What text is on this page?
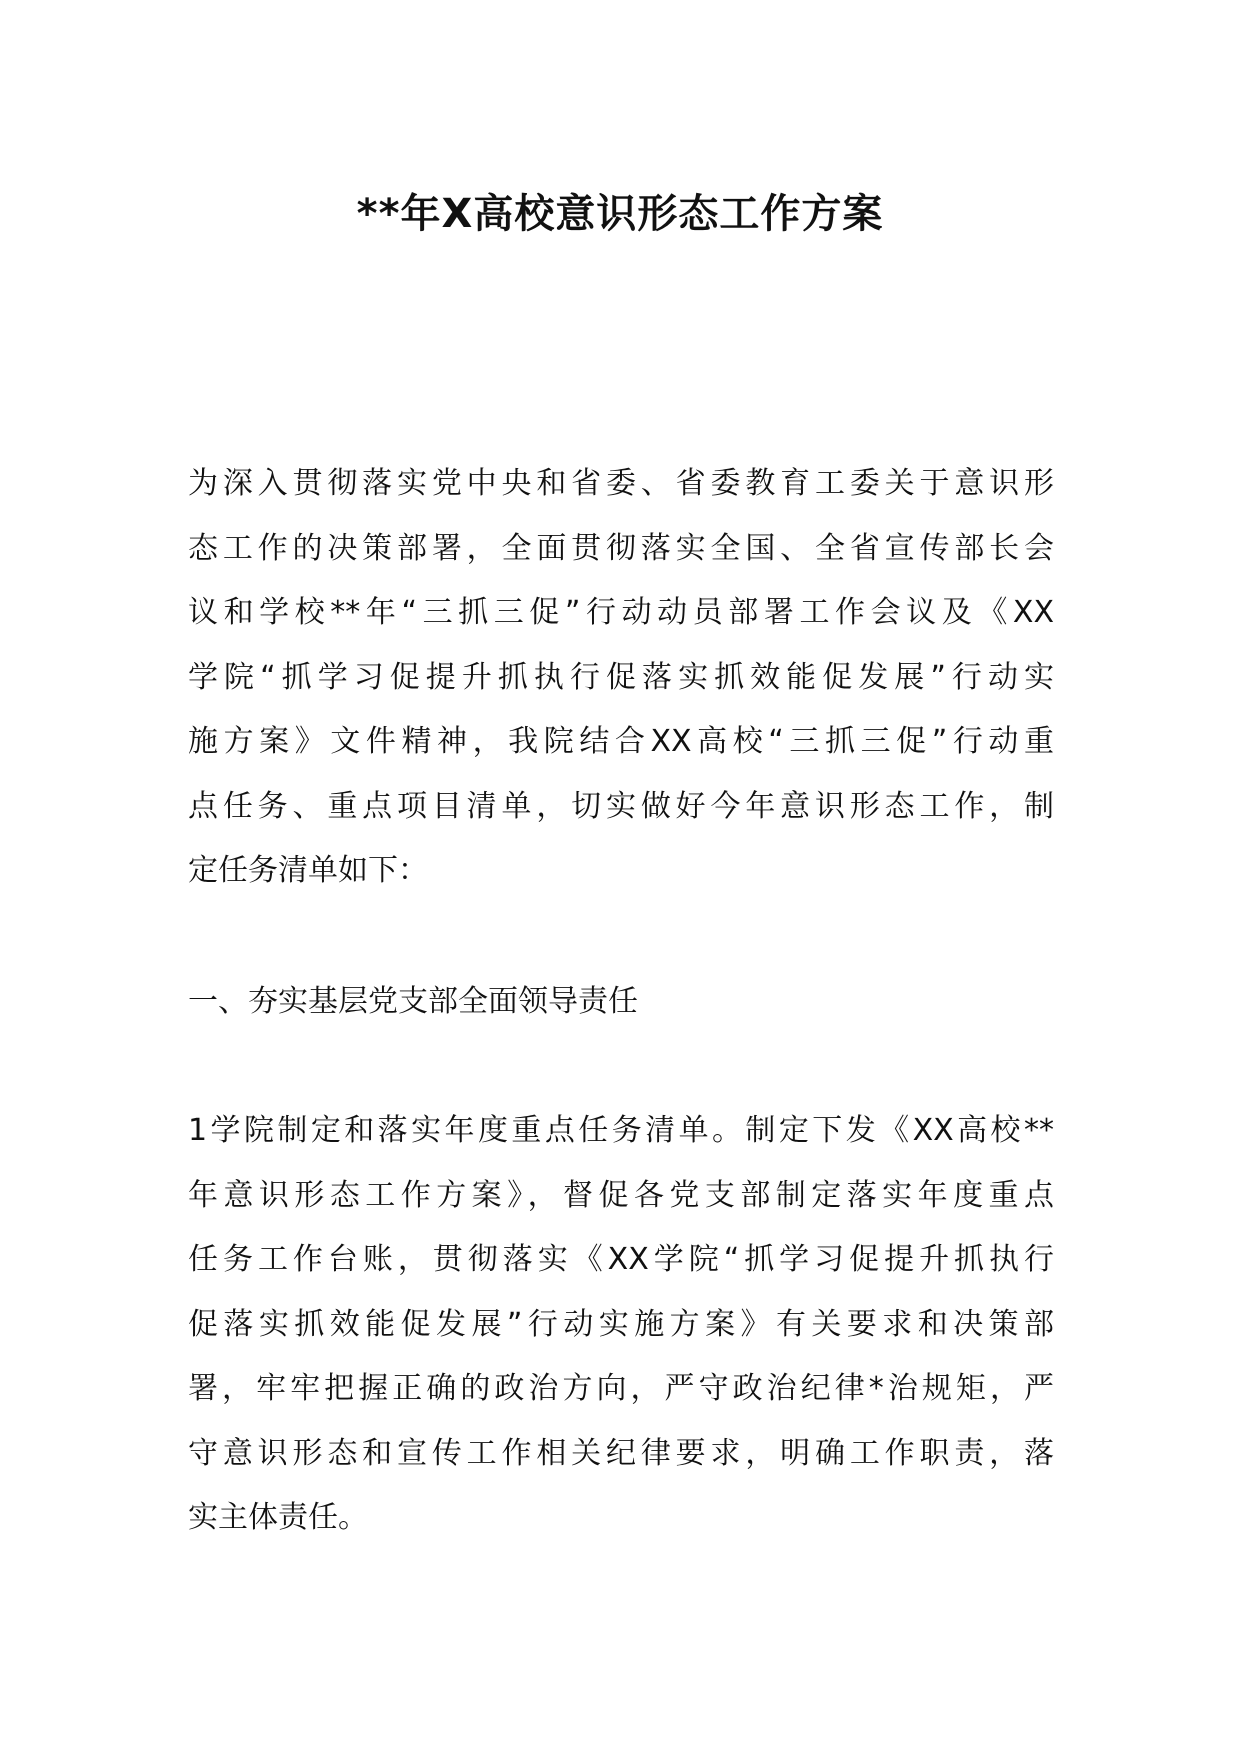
**年X高校意识形态工作方案
为深入贯彻落实党中央和省委、省委教育工委关于意识形
态工作的决策部署，全面贯彻落实全国、全省宣传部长会
议和学校**年“三抓三促”行动动员部署工作会议及《XX
学院“抓学习促提升抓执行促落实抓效能促发展”行动实
施方案》文件精神，我院结合XX高校“三抓三促”行动重
点任务、重点项目清单，切实做好今年意识形态工作，制
定任务清单如下：
一、夯实基层党支部全面领导责任
1学院制定和落实年度重点任务清单。制定下发《XX高校**
年意识形态工作方案》，督促各党支部制定落实年度重点
任务工作台账，贯彻落实《XX学院“抓学习促提升抓执行
促落实抓效能促发展”行动实施方案》有关要求和决策部
署，牢牢把握正确的政治方向，严守政治纪律*治规矩，严
守意识形态和宣传工作相关纪律要求，明确工作职责，落
实主体责任。
